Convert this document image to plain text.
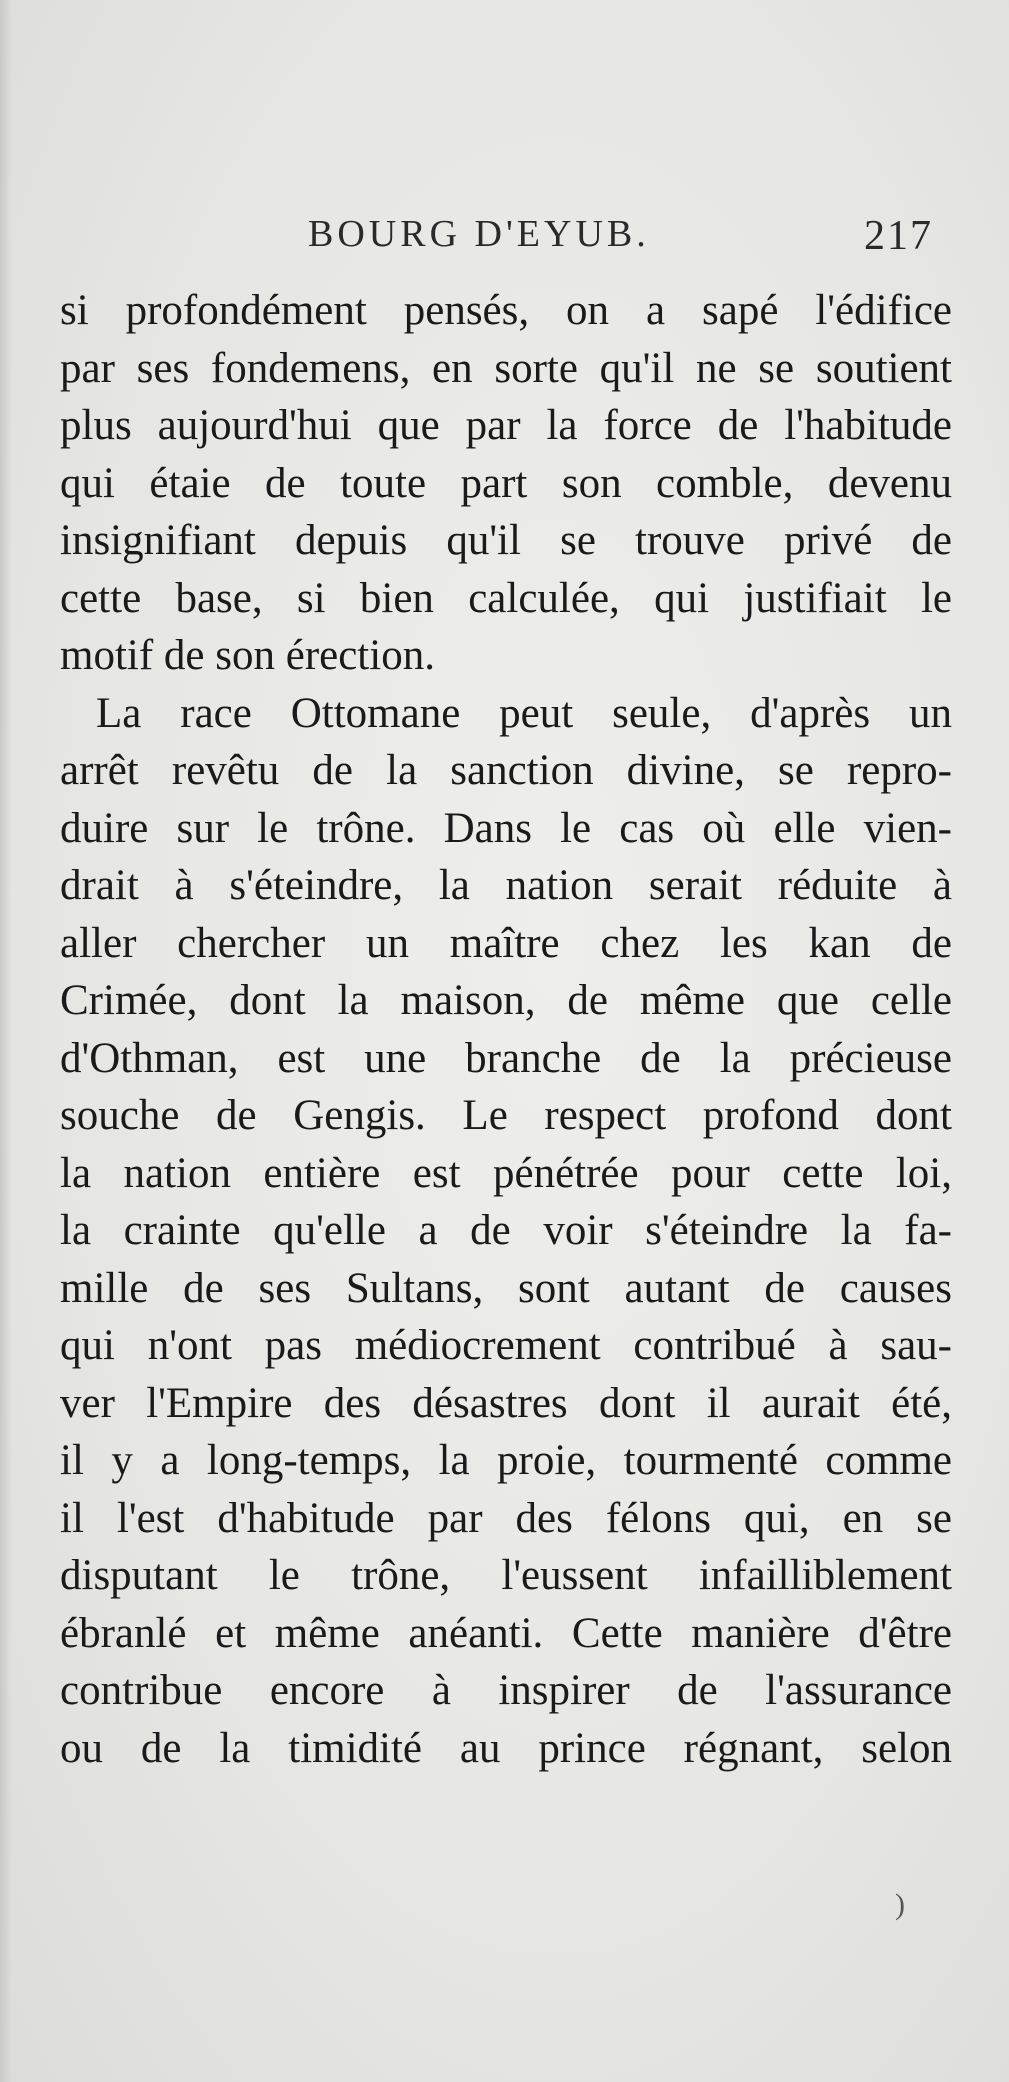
BOURG D'EYUB.	217
si profondément pensés, on a sapé l'édifice
par ses fondemens, en sorte qu'il ne se soutient
plus aujourd'hui que par la force de l'habitude
qui étaie de toute part son comble, devenu
insignifiant depuis qu'il se trouve privé de
cette base, si bien calculée, qui justifiait le
motif de son érection.
La race Ottomane peut seule, d'après un
arrêt revêtu de la sanction divine, se repro-
duire sur le trône. Dans le cas où elle vien-
drait à s'éteindre, la nation serait réduite à
aller chercher un maître chez les kan de
Crimée, dont la maison, de même que celle
d'Othman, est une branche de la précieuse
souche de Gengis. Le respect profond dont
la nation entière est pénétrée pour cette loi,
la crainte qu'elle a de voir s'éteindre la fa-
mille de ses Sultans, sont autant de causes
qui n'ont pas médiocrement contribué à sau-
ver l'Empire des désastres dont il aurait été,
il y a long-temps, la proie, tourmenté comme
il l'est d'habitude par des félons qui, en se
disputant le trône, l'eussent infailliblement
ébranlé et même anéanti. Cette manière d'être
contribue encore à inspirer de l'assurance
ou de la timidité au prince régnant, selon
)
